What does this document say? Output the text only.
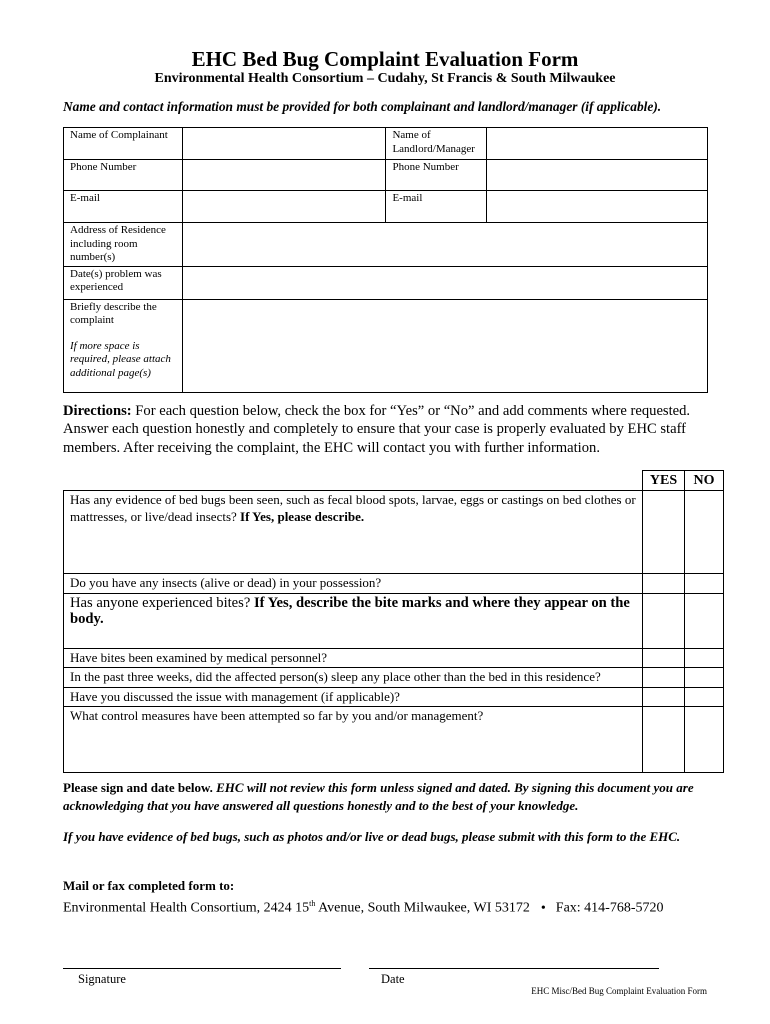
EHC Bed Bug Complaint Evaluation Form
Environmental Health Consortium – Cudahy, St Francis & South Milwaukee
Name and contact information must be provided for both complainant and landlord/manager (if applicable).
Name of Complainant		Name of Landlord/Manager	
Phone Number		Phone Number	
E-mail		E-mail	
Address of Residence including room number(s)			
Date(s) problem was experienced			

Briefly describe the complaint
If more space is required, please attach additional page(s)			

Directions: For each question below, check the box for “Yes” or “No” and add comments where requested. Answer each question honestly and completely to ensure that your case is properly evaluated by EHC staff members. After receiving the complaint, the EHC will contact you with further information.
	YES	NO
Has any evidence of bed bugs been seen, such as fecal blood spots, larvae, eggs or castings on bed clothes or mattresses, or live/dead insects? If Yes, please describe.		
Do you have any insects (alive or dead) in your possession?		
Has anyone experienced bites? If Yes, describe the bite marks and where they appear on the body.		
Have bites been examined by medical personnel?		
In the past three weeks, did the affected person(s) sleep any place other than the bed in this residence?		
Have you discussed the issue with management (if applicable)?		
What control measures have been attempted so far by you and/or management?		
Please sign and date below. EHC will not review this form unless signed and dated. By signing this document you are acknowledging that you have answered all questions honestly and to the best of your knowledge.
If you have evidence of bed bugs, such as photos and/or live or dead bugs, please submit with this form to the EHC.
Mail or fax completed form to:
Environmental Health Consortium, 2424 15th Avenue, South Milwaukee, WI 53172 • Fax: 414-768-5720
Signature	Date
EHC Misc/Bed Bug Complaint Evaluation Form
